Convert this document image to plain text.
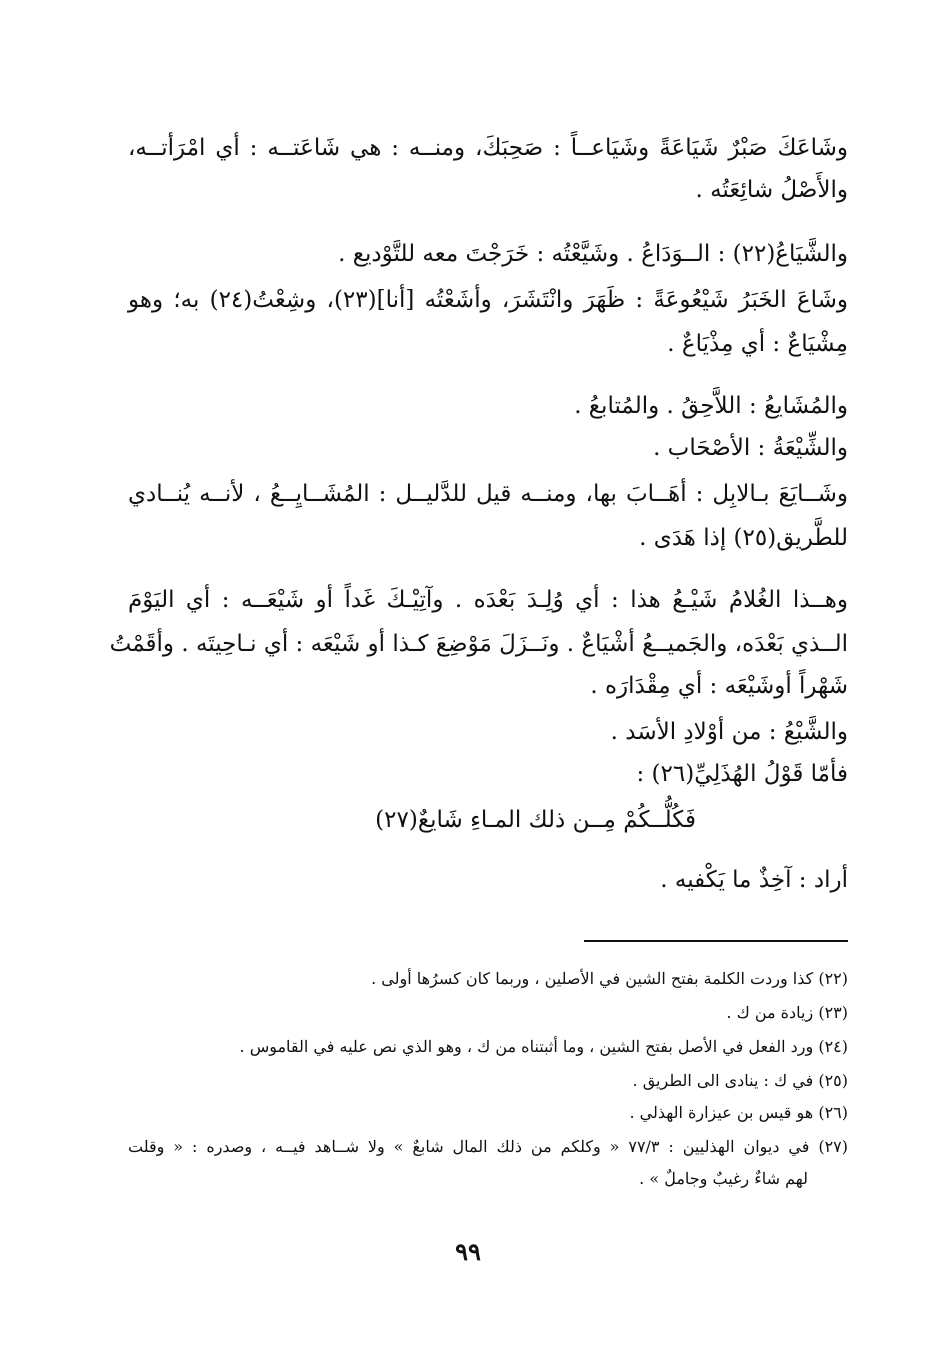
وشَاعَكَ صَبْرٌ شَيَاعَةً وشَيَاعــاً : صَحِبَكَ، ومنــه : هي شَاعَتــه : أي امْرَأتــه،
والأَصْلُ شائِعَتُه .
والشَّيَاعُ(٢٢) : الــوَدَاعُ . وشَيَّعْتُه : خَرَجْتَ معه للتَّوْديع .
وشَاعَ الخَبَرُ شَيْعُوعَةً : ظَهَرَ وانْتَشَرَ، وأشَعْتُه [أنا](٢٣)، وشِعْتُ(٢٤) به؛ وهو
مِشْيَاعٌ : أي مِذْيَاعٌ .
والمُشَايعُ : اللاَّحِقُ . والمُتابعُ .
والشِّيْعَةُ : الأصْحَاب .
وشَــايَعَ بـالابِل : أهَــابَ بها، ومنــه قيل للدَّليــل : المُشَــايِــعُ ، لأنــه يُنــادي
للطَّريق(٢٥) إذا هَدَى .
وهــذا الغُلامُ شَيْـعُ هذا : أي وُلِـدَ بَعْدَه . وآتِيْـكَ غَداً أو شَيْعَــه : أي اليَوْمَ
الــذي بَعْدَه، والجَميــعُ أشْيَاعٌ . ونَــزَلَ مَوْضِعَ كـذا أو شَيْعَه : أي نـاحِيتَه . وأقَمْتُ
شَهْراً أوشَيْعَه : أي مِقْدَارَه .
والشَّيْعُ : من أوْلادِ الأسَد .
فأمّا قَوْلُ الهُذَلِيِّ(٢٦) :
فَكُلُّــكُمْ مِــن ذلك المـاءِ شَايعٌ(٢٧)
أراد : آخِذٌ ما يَكْفيه .
(٢٢) كذا وردت الكلمة بفتح الشين في الأصلين ، وربما كان كسرُها أولى .
(٢٣) زيادة من ك .
(٢٤) ورد الفعل في الأصل بفتح الشين ، وما أثبتناه من ك ، وهو الذي نص عليه في القاموس .
(٢٥) في ك : ينادى الى الطريق .
(٢٦) هو قيس بن عيزارة الهذلي .
(٢٧) في ديوان الهذليين : ٧٧/٣ « وكلكم من ذلك المال شابعٌ » ولا شــاهد فيــه ، وصدره : « وقلت
لهم شاءٌ رغيبٌ وجاملٌ » .
٩٩
